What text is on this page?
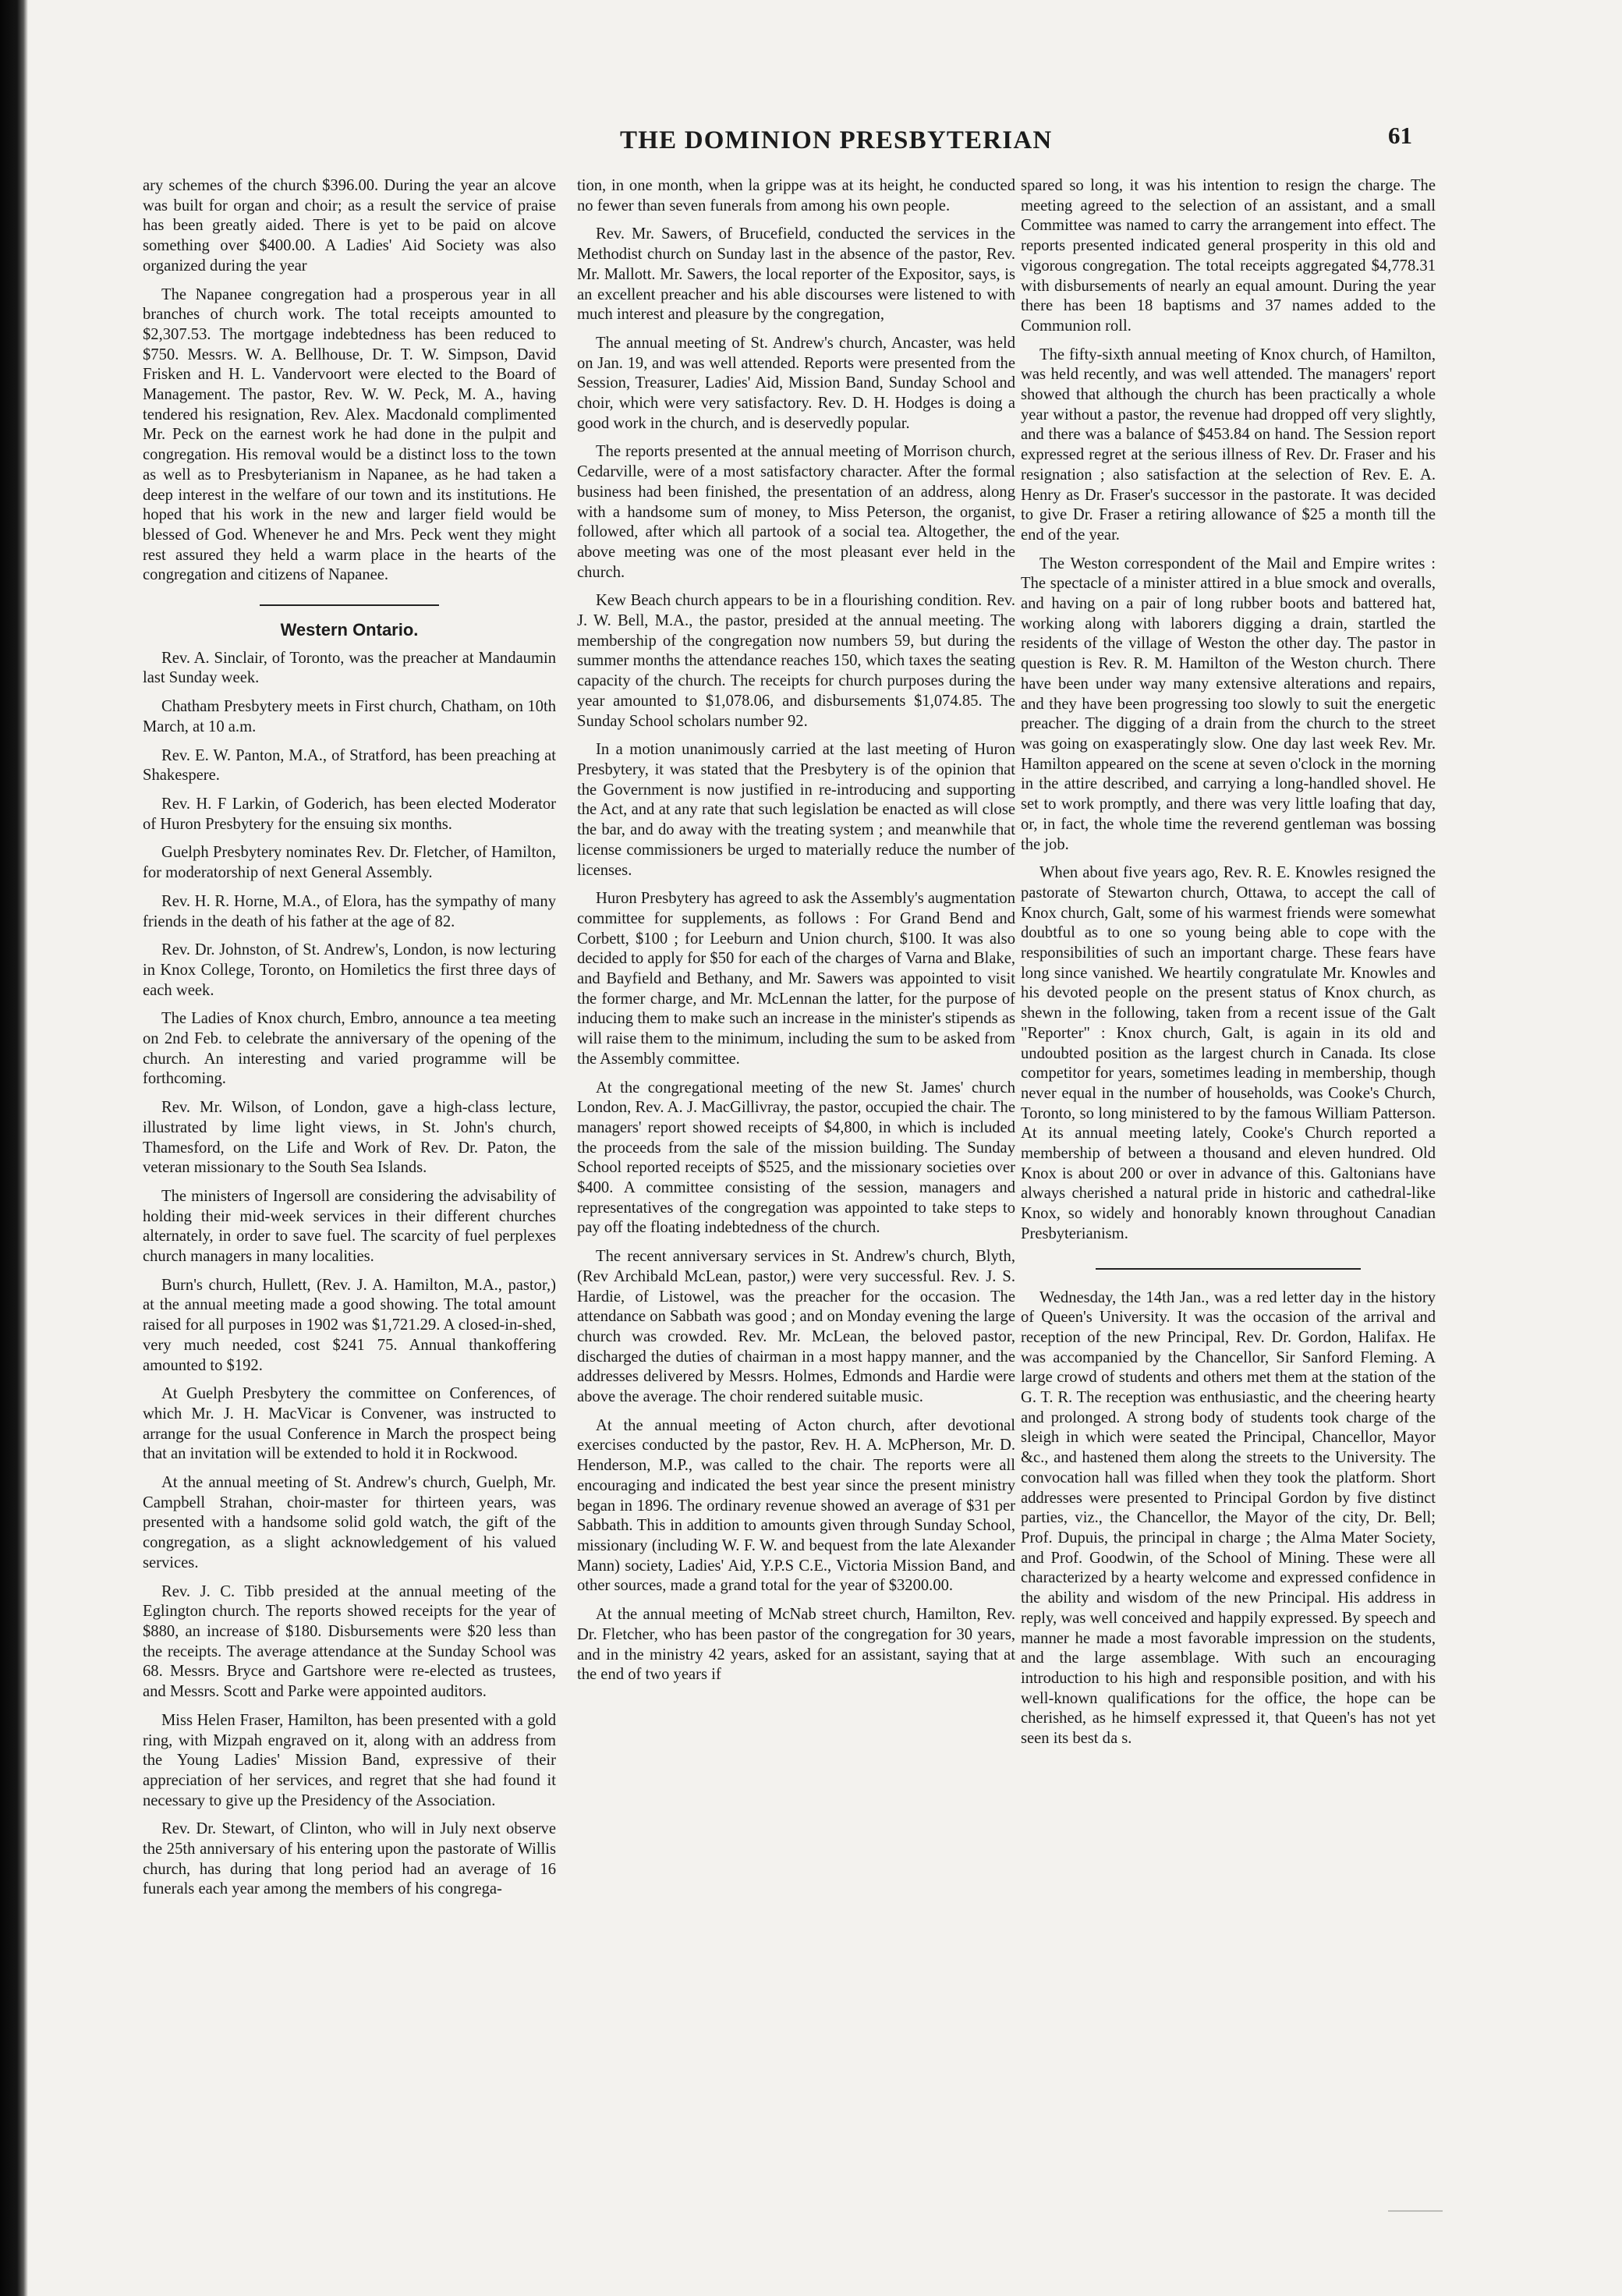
THE DOMINION PRESBYTERIAN	61

ary schemes of the church $396.00. During the year an alcove was built for organ and choir; as a result the service of praise has been greatly aided. There is yet to be paid on alcove something over $400.00. A Ladies' Aid Society was also organized during the year

The Napanee congregation had a prosperous year in all branches of church work. The total receipts amounted to $2,307.53. The mortgage indebtedness has been reduced to $750. Messrs. W. A. Bellhouse, Dr. T. W. Simpson, David Frisken and H. L. Vandervoort were elected to the Board of Management. The pastor, Rev. W. W. Peck, M. A., having tendered his resignation, Rev. Alex. Macdonald complimented Mr. Peck on the earnest work he had done in the pulpit and congregation. His removal would be a distinct loss to the town as well as to Presbyterianism in Napanee, as he had taken a deep interest in the welfare of our town and its institutions. He hoped that his work in the new and larger field would be blessed of God. Whenever he and Mrs. Peck went they might rest assured they held a warm place in the hearts of the congregation and citizens of Napanee.

Western Ontario.

Rev. A. Sinclair, of Toronto, was the preacher at Mandaumin last Sunday week.

Chatham Presbytery meets in First church, Chatham, on 10th March, at 10 a.m.

Rev. E. W. Panton, M.A., of Stratford, has been preaching at Shakespere.

Rev. H. F Larkin, of Goderich, has been elected Moderator of Huron Presbytery for the ensuing six months.

Guelph Presbytery nominates Rev. Dr. Fletcher, of Hamilton, for moderatorship of next General Assembly.

Rev. H. R. Horne, M.A., of Elora, has the sympathy of many friends in the death of his father at the age of 82.

Rev. Dr. Johnston, of St. Andrew's, London, is now lecturing in Knox College, Toronto, on Homiletics the first three days of each week.

The Ladies of Knox church, Embro, announce a tea meeting on 2nd Feb. to celebrate the anniversary of the opening of the church. An interesting and varied programme will be forthcoming.

Rev. Mr. Wilson, of London, gave a high-class lecture, illustrated by lime light views, in St. John's church, Thamesford, on the Life and Work of Rev. Dr. Paton, the veteran missionary to the South Sea Islands.

The ministers of Ingersoll are considering the advisability of holding their mid-week services in their different churches alternately, in order to save fuel. The scarcity of fuel perplexes church managers in many localities.

Burn's church, Hullett, (Rev. J. A. Hamilton, M.A., pastor,) at the annual meeting made a good showing. The total amount raised for all purposes in 1902 was $1,721.29. A closed-in-shed, very much needed, cost $241 75. Annual thankoffering amounted to $192.

At Guelph Presbytery the committee on Conferences, of which Mr. J. H. MacVicar is Convener, was instructed to arrange for the usual Conference in March the prospect being that an invitation will be extended to hold it in Rockwood.

At the annual meeting of St. Andrew's church, Guelph, Mr. Campbell Strahan, choir-master for thirteen years, was presented with a handsome solid gold watch, the gift of the congregation, as a slight acknowledgement of his valued services.

Rev. J. C. Tibb presided at the annual meeting of the Eglington church. The reports showed receipts for the year of $880, an increase of $180. Disbursements were $20 less than the receipts. The average attendance at the Sunday School was 68. Messrs. Bryce and Gartshore were re-elected as trustees, and Messrs. Scott and Parke were appointed auditors.

Miss Helen Fraser, Hamilton, has been presented with a gold ring, with Mizpah engraved on it, along with an address from the Young Ladies' Mission Band, expressive of their appreciation of her services, and regret that she had found it necessary to give up the Presidency of the Association.

Rev. Dr. Stewart, of Clinton, who will in July next observe the 25th anniversary of his entering upon the pastorate of Willis church, has during that long period had an average of 16 funerals each year among the members of his congrega-

tion, in one month, when la grippe was at its height, he conducted no fewer than seven funerals from among his own people.

Rev. Mr. Sawers, of Brucefield, conducted the services in the Methodist church on Sunday last in the absence of the pastor, Rev. Mr. Mallott. Mr. Sawers, the local reporter of the Expositor, says, is an excellent preacher and his able discourses were listened to with much interest and pleasure by the congregation,

The annual meeting of St. Andrew's church, Ancaster, was held on Jan. 19, and was well attended. Reports were presented from the Session, Treasurer, Ladies' Aid, Mission Band, Sunday School and choir, which were very satisfactory. Rev. D. H. Hodges is doing a good work in the church, and is deservedly popular.

The reports presented at the annual meeting of Morrison church, Cedarville, were of a most satisfactory character. After the formal business had been finished, the presentation of an address, along with a handsome sum of money, to Miss Peterson, the organist, followed, after which all partook of a social tea. Altogether, the above meeting was one of the most pleasant ever held in the church.

Kew Beach church appears to be in a flourishing condition. Rev. J. W. Bell, M.A., the pastor, presided at the annual meeting. The membership of the congregation now numbers 59, but during the summer months the attendance reaches 150, which taxes the seating capacity of the church. The receipts for church purposes during the year amounted to $1,078.06, and disbursements $1,074.85. The Sunday School scholars number 92.

In a motion unanimously carried at the last meeting of Huron Presbytery, it was stated that the Presbytery is of the opinion that the Government is now justified in re-introducing and supporting the Act, and at any rate that such legislation be enacted as will close the bar, and do away with the treating system ; and meanwhile that license commissioners be urged to materially reduce the number of licenses.

Huron Presbytery has agreed to ask the Assembly's augmentation committee for supplements, as follows : For Grand Bend and Corbett, $100 ; for Leeburn and Union church, $100. It was also decided to apply for $50 for each of the charges of Varna and Blake, and Bayfield and Bethany, and Mr. Sawers was appointed to visit the former charge, and Mr. McLennan the latter, for the purpose of inducing them to make such an increase in the minister's stipends as will raise them to the minimum, including the sum to be asked from the Assembly committee.

At the congregational meeting of the new St. James' church London, Rev. A. J. MacGillivray, the pastor, occupied the chair. The managers' report showed receipts of $4,800, in which is included the proceeds from the sale of the mission building. The Sunday School reported receipts of $525, and the missionary societies over $400. A committee consisting of the session, managers and representatives of the congregation was appointed to take steps to pay off the floating indebtedness of the church.

The recent anniversary services in St. Andrew's church, Blyth, (Rev Archibald McLean, pastor,) were very successful. Rev. J. S. Hardie, of Listowel, was the preacher for the occasion. The attendance on Sabbath was good ; and on Monday evening the large church was crowded. Rev. Mr. McLean, the beloved pastor, discharged the duties of chairman in a most happy manner, and the addresses delivered by Messrs. Holmes, Edmonds and Hardie were above the average. The choir rendered suitable music.

At the annual meeting of Acton church, after devotional exercises conducted by the pastor, Rev. H. A. McPherson, Mr. D. Henderson, M.P., was called to the chair. The reports were all encouraging and indicated the best year since the present ministry began in 1896. The ordinary revenue showed an average of $31 per Sabbath. This in addition to amounts given through Sunday School, missionary (including W. F. W. and bequest from the late Alexander Mann) society, Ladies' Aid, Y.P.S C.E., Victoria Mission Band, and other sources, made a grand total for the year of $3200.00.

At the annual meeting of McNab street church, Hamilton, Rev. Dr. Fletcher, who has been pastor of the congregation for 30 years, and in the ministry 42 years, asked for an assistant, saying that at the end of two years if

spared so long, it was his intention to resign the charge. The meeting agreed to the selection of an assistant, and a small Committee was named to carry the arrangement into effect. The reports presented indicated general prosperity in this old and vigorous congregation. The total receipts aggregated $4,778.31 with disbursements of nearly an equal amount. During the year there has been 18 baptisms and 37 names added to the Communion roll.

The fifty-sixth annual meeting of Knox church, of Hamilton, was held recently, and was well attended. The managers' report showed that although the church has been practically a whole year without a pastor, the revenue had dropped off very slightly, and there was a balance of $453.84 on hand. The Session report expressed regret at the serious illness of Rev. Dr. Fraser and his resignation ; also satisfaction at the selection of Rev. E. A. Henry as Dr. Fraser's successor in the pastorate. It was decided to give Dr. Fraser a retiring allowance of $25 a month till the end of the year.

The Weston correspondent of the Mail and Empire writes : The spectacle of a minister attired in a blue smock and overalls, and having on a pair of long rubber boots and battered hat, working along with laborers digging a drain, startled the residents of the village of Weston the other day. The pastor in question is Rev. R. M. Hamilton of the Weston church. There have been under way many extensive alterations and repairs, and they have been progressing too slowly to suit the energetic preacher. The digging of a drain from the church to the street was going on exasperatingly slow. One day last week Rev. Mr. Hamilton appeared on the scene at seven o'clock in the morning in the attire described, and carrying a long-handled shovel. He set to work promptly, and there was very little loafing that day, or, in fact, the whole time the reverend gentleman was bossing the job.

When about five years ago, Rev. R. E. Knowles resigned the pastorate of Stewarton church, Ottawa, to accept the call of Knox church, Galt, some of his warmest friends were somewhat doubtful as to one so young being able to cope with the responsibilities of such an important charge. These fears have long since vanished. We heartily congratulate Mr. Knowles and his devoted people on the present status of Knox church, as shewn in the following, taken from a recent issue of the Galt "Reporter" : Knox church, Galt, is again in its old and undoubted position as the largest church in Canada. Its close competitor for years, sometimes leading in membership, though never equal in the number of households, was Cooke's Church, Toronto, so long ministered to by the famous William Patterson. At its annual meeting lately, Cooke's Church reported a membership of between a thousand and eleven hundred. Old Knox is about 200 or over in advance of this. Galtonians have always cherished a natural pride in historic and cathedral-like Knox, so widely and honorably known throughout Canadian Presbyterianism.

Wednesday, the 14th Jan., was a red letter day in the history of Queen's University. It was the occasion of the arrival and reception of the new Principal, Rev. Dr. Gordon, Halifax. He was accompanied by the Chancellor, Sir Sanford Fleming. A large crowd of students and others met them at the station of the G. T. R. The reception was enthusiastic, and the cheering hearty and prolonged. A strong body of students took charge of the sleigh in which were seated the Principal, Chancellor, Mayor &c., and hastened them along the streets to the University. The convocation hall was filled when they took the platform. Short addresses were presented to Principal Gordon by five distinct parties, viz., the Chancellor, the Mayor of the city, Dr. Bell; Prof. Dupuis, the principal in charge ; the Alma Mater Society, and Prof. Goodwin, of the School of Mining. These were all characterized by a hearty welcome and expressed confidence in the ability and wisdom of the new Principal. His address in reply, was well conceived and happily expressed. By speech and manner he made a most favorable impression on the students, and the large assemblage. With such an encouraging introduction to his high and responsible position, and with his well-known qualifications for the office, the hope can be cherished, as he himself expressed it, that Queen's has not yet seen its best da s.
